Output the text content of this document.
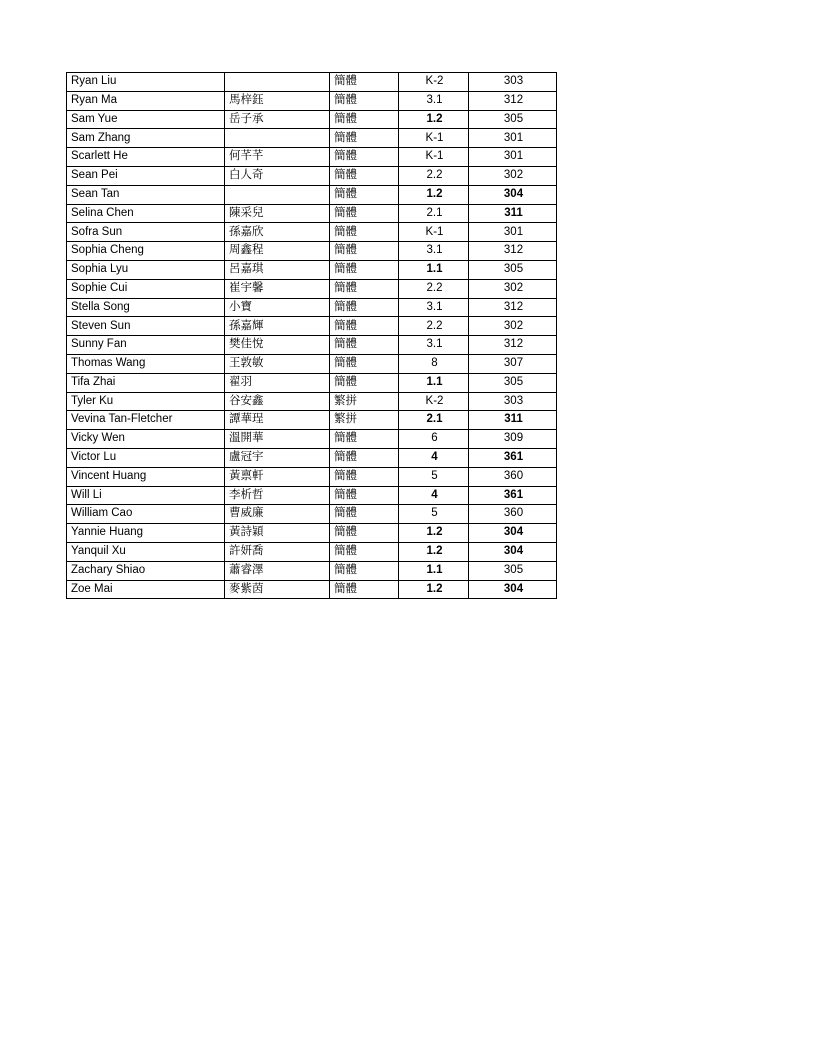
Ryan Liu		簡體	K-2	303
Ryan Ma	馬梓鈺	簡體	3.1	312
Sam Yue	岳子承	簡體	1.2	305
Sam Zhang		簡體	K-1	301
Scarlett He	何芊芊	簡體	K-1	301
Sean Pei	白人奇	簡體	2.2	302
Sean Tan		簡體	1.2	304
Selina Chen	陳采兒	簡體	2.1	311
Sofra Sun	孫嘉欣	簡體	K-1	301
Sophia Cheng	周鑫程	簡體	3.1	312
Sophia Lyu	呂嘉琪	簡體	1.1	305
Sophie Cui	崔宇馨	簡體	2.2	302
Stella Song	小寶	簡體	3.1	312
Steven Sun	孫嘉輝	簡體	2.2	302
Sunny Fan	樊佳悅	簡體	3.1	312
Thomas Wang	王敦敏	簡體	8	307
Tifa Zhai	翟羽	簡體	1.1	305
Tyler Ku	谷安鑫	繁拼	K-2	303
Vevina Tan-Fletcher	譚華珵	繁拼	2.1	311
Vicky Wen	溫開華	簡體	6	309
Victor Lu	盧冠宇	簡體	4	361
Vincent Huang	黃禀軒	簡體	5	360
Will Li	李析哲	簡體	4	361
William Cao	曹威廉	簡體	5	360
Yannie Huang	黃詩穎	簡體	1.2	304
Yanquil Xu	許妍喬	簡體	1.2	304
Zachary Shiao	蕭睿澤	簡體	1.1	305
Zoe Mai	麥紫茵	簡體	1.2	304
